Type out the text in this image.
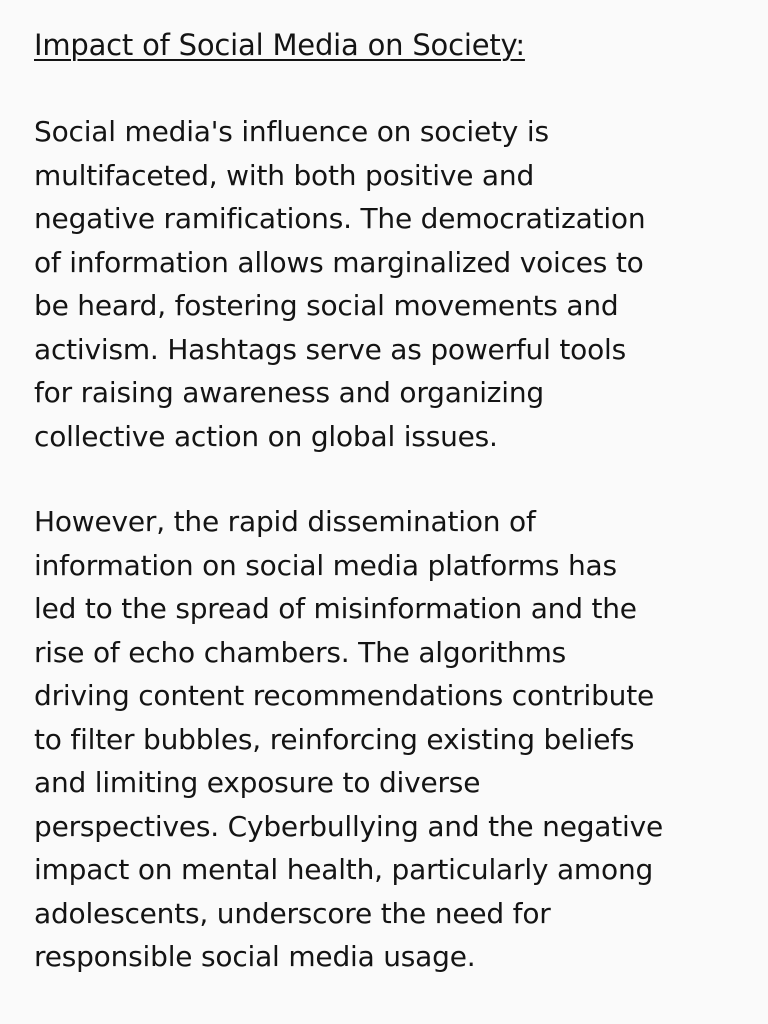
Impact of Social Media on Society:

Social media's influence on society is
multifaceted, with both positive and
negative ramifications. The democratization
of information allows marginalized voices to
be heard, fostering social movements and
activism. Hashtags serve as powerful tools
for raising awareness and organizing
collective action on global issues.

However, the rapid dissemination of
information on social media platforms has
led to the spread of misinformation and the
rise of echo chambers. The algorithms
driving content recommendations contribute
to filter bubbles, reinforcing existing beliefs
and limiting exposure to diverse
perspectives. Cyberbullying and the negative
impact on mental health, particularly among
adolescents, underscore the need for
responsible social media usage.
